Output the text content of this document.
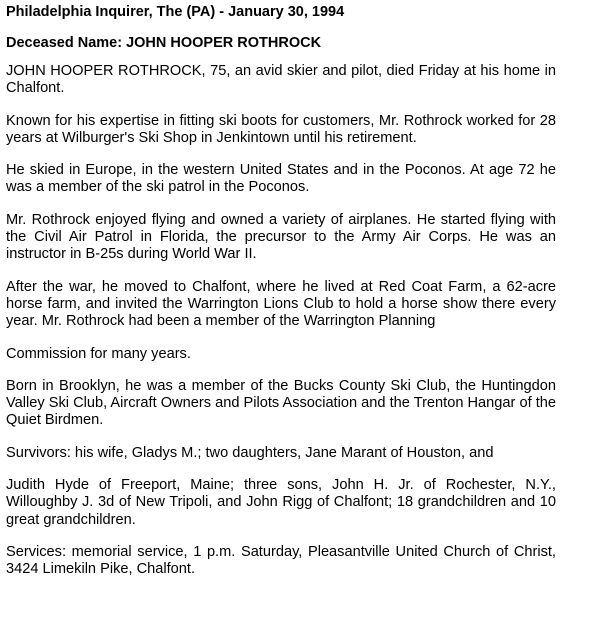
Philadelphia Inquirer, The (PA) - January 30, 1994

Deceased Name: JOHN HOOPER ROTHROCK

JOHN HOOPER ROTHROCK, 75, an avid skier and pilot, died Friday at his home in Chalfont.

Known for his expertise in fitting ski boots for customers, Mr. Rothrock worked for 28 years at Wilburger's Ski Shop in Jenkintown until his retirement.

He skied in Europe, in the western United States and in the Poconos. At age 72 he was a member of the ski patrol in the Poconos.

Mr. Rothrock enjoyed flying and owned a variety of airplanes. He started flying with the Civil Air Patrol in Florida, the precursor to the Army Air Corps. He was an instructor in B-25s during World War II.

After the war, he moved to Chalfont, where he lived at Red Coat Farm, a 62-acre horse farm, and invited the Warrington Lions Club to hold a horse show there every year. Mr. Rothrock had been a member of the Warrington Planning

Commission for many years.

Born in Brooklyn, he was a member of the Bucks County Ski Club, the Huntingdon Valley Ski Club, Aircraft Owners and Pilots Association and the Trenton Hangar of the Quiet Birdmen.

Survivors: his wife, Gladys M.; two daughters, Jane Marant of Houston, and

Judith Hyde of Freeport, Maine; three sons, John H. Jr. of Rochester, N.Y., Willoughby J. 3d of New Tripoli, and John Rigg of Chalfont; 18 grandchildren and 10 great grandchildren.

Services: memorial service, 1 p.m. Saturday, Pleasantville United Church of Christ, 3424 Limekiln Pike, Chalfont.
